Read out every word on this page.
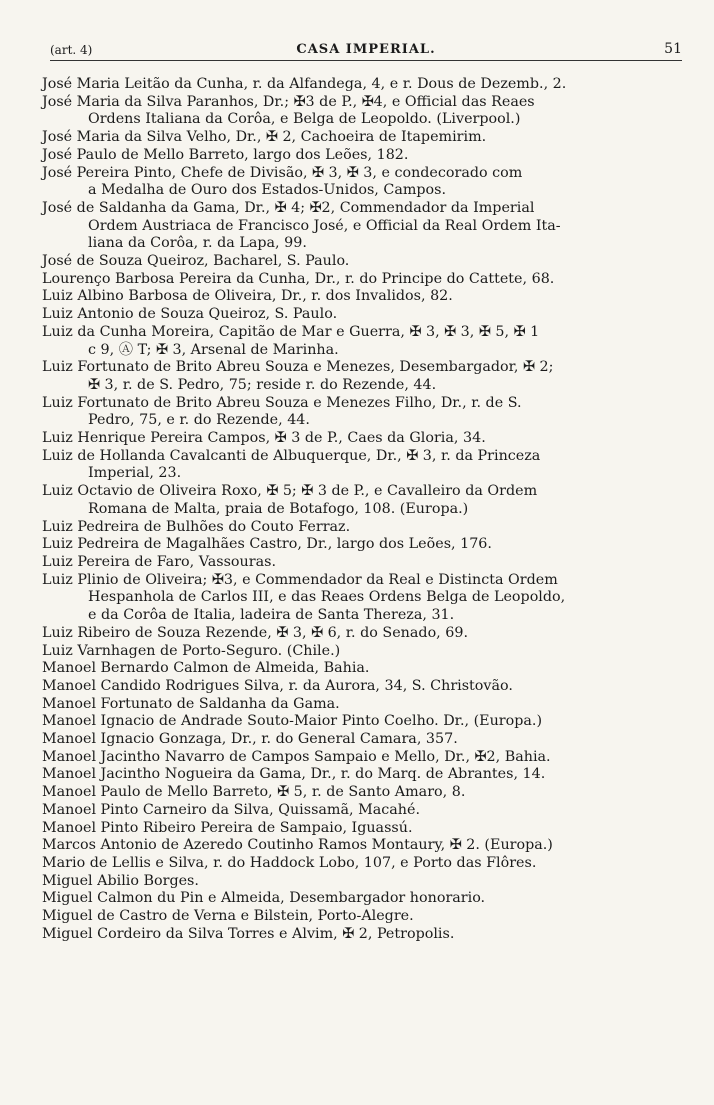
(art. 4)	CASA IMPERIAL.	51
José Maria Leitão da Cunha, r. da Alfandega, 4, e r. Dous de Dezemb., 2.
José Maria da Silva Paranhos, Dr.; ✠3 de P., ✠4, e Official das Reaes
Ordens Italiana da Corôa, e Belga de Leopoldo. (Liverpool.)
José Maria da Silva Velho, Dr., ✠ 2, Cachoeira de Itapemirim.
José Paulo de Mello Barreto, largo dos Leões, 182.
José Pereira Pinto, Chefe de Divisão, ✠ 3, ✠ 3, e condecorado com
a Medalha de Ouro dos Estados-Unidos, Campos.
José de Saldanha da Gama, Dr., ✠ 4; ✠2, Commendador da Imperial
Ordem Austriaca de Francisco José, e Official da Real Ordem Ita-
liana da Corôa, r. da Lapa, 99.
José de Souza Queiroz, Bacharel, S. Paulo.
Lourenço Barbosa Pereira da Cunha, Dr., r. do Principe do Cattete, 68.
Luiz Albino Barbosa de Oliveira, Dr., r. dos Invalidos, 82.
Luiz Antonio de Souza Queiroz, S. Paulo.
Luiz da Cunha Moreira, Capitão de Mar e Guerra, ✠ 3, ✠ 3, ✠ 5, ✠ 1
c 9, Ⓐ T; ✠ 3, Arsenal de Marinha.
Luiz Fortunato de Brito Abreu Souza e Menezes, Desembargador, ✠ 2;
✠ 3, r. de S. Pedro, 75; reside r. do Rezende, 44.
Luiz Fortunato de Brito Abreu Souza e Menezes Filho, Dr., r. de S.
Pedro, 75, e r. do Rezende, 44.
Luiz Henrique Pereira Campos, ✠ 3 de P., Caes da Gloria, 34.
Luiz de Hollanda Cavalcanti de Albuquerque, Dr., ✠ 3, r. da Princeza
Imperial, 23.
Luiz Octavio de Oliveira Roxo, ✠ 5; ✠ 3 de P., e Cavalleiro da Ordem
Romana de Malta, praia de Botafogo, 108. (Europa.)
Luiz Pedreira de Bulhões do Couto Ferraz.
Luiz Pedreira de Magalhães Castro, Dr., largo dos Leões, 176.
Luiz Pereira de Faro, Vassouras.
Luiz Plinio de Oliveira; ✠3, e Commendador da Real e Distincta Ordem
Hespanhola de Carlos III, e das Reaes Ordens Belga de Leopoldo,
e da Corôa de Italia, ladeira de Santa Thereza, 31.
Luiz Ribeiro de Souza Rezende, ✠ 3, ✠ 6, r. do Senado, 69.
Luiz Varnhagen de Porto-Seguro. (Chile.)
Manoel Bernardo Calmon de Almeida, Bahia.
Manoel Candido Rodrigues Silva, r. da Aurora, 34, S. Christovão.
Manoel Fortunato de Saldanha da Gama.
Manoel Ignacio de Andrade Souto-Maior Pinto Coelho. Dr., (Europa.)
Manoel Ignacio Gonzaga, Dr., r. do General Camara, 357.
Manoel Jacintho Navarro de Campos Sampaio e Mello, Dr., ✠2, Bahia.
Manoel Jacintho Nogueira da Gama, Dr., r. do Marq. de Abrantes, 14.
Manoel Paulo de Mello Barreto, ✠ 5, r. de Santo Amaro, 8.
Manoel Pinto Carneiro da Silva, Quissamã, Macahé.
Manoel Pinto Ribeiro Pereira de Sampaio, Iguassú.
Marcos Antonio de Azeredo Coutinho Ramos Montaury, ✠ 2. (Europa.)
Mario de Lellis e Silva, r. do Haddock Lobo, 107, e Porto das Flôres.
Miguel Abilio Borges.
Miguel Calmon du Pin e Almeida, Desembargador honorario.
Miguel de Castro de Verna e Bilstein, Porto-Alegre.
Miguel Cordeiro da Silva Torres e Alvim, ✠ 2, Petropolis.
